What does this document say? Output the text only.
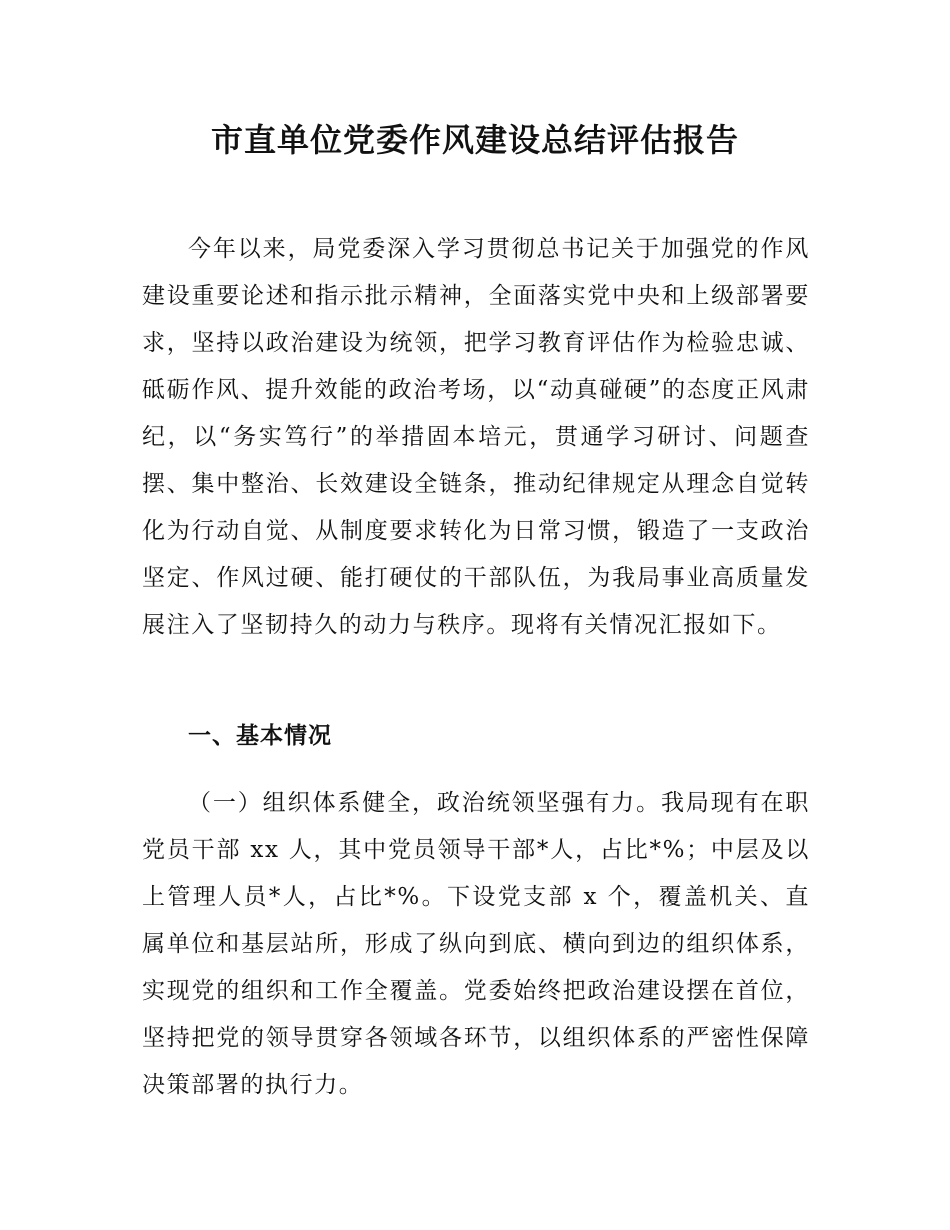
市直单位党委作风建设总结评估报告

今年以来，局党委深入学习贯彻总书记关于加强党的作风建设重要论述和指示批示精神，全面落实党中央和上级部署要求，坚持以政治建设为统领，把学习教育评估作为检验忠诚、砥砺作风、提升效能的政治考场，以“动真碰硬”的态度正风肃纪，以“务实笃行”的举措固本培元，贯通学习研讨、问题查摆、集中整治、长效建设全链条，推动纪律规定从理念自觉转化为行动自觉、从制度要求转化为日常习惯，锻造了一支政治坚定、作风过硬、能打硬仗的干部队伍，为我局事业高质量发展注入了坚韧持久的动力与秩序。现将有关情况汇报如下。

一、基本情况

（一）组织体系健全，政治统领坚强有力。我局现有在职党员干部 xx 人，其中党员领导干部*人，占比*%；中层及以上管理人员*人，占比*%。下设党支部 x 个，覆盖机关、直属单位和基层站所，形成了纵向到底、横向到边的组织体系，实现党的组织和工作全覆盖。党委始终把政治建设摆在首位，坚持把党的领导贯穿各领域各环节，以组织体系的严密性保障决策部署的执行力。
